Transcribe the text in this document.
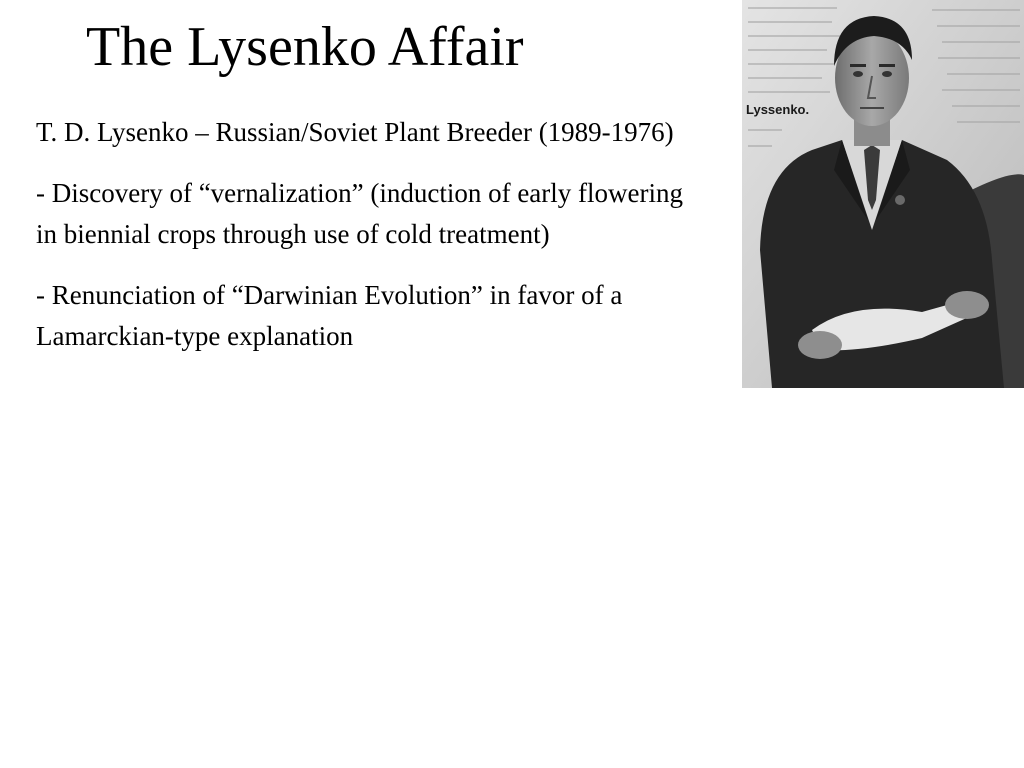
The Lysenko Affair

T. D. Lysenko – Russian/Soviet Plant Breeder (1989-1976)

- Discovery of “vernalization” (induction of early flowering in biennial crops through use of cold treatment)

- Renunciation of “Darwinian Evolution” in favor of a Lamarckian-type explanation

Lyssenko.
